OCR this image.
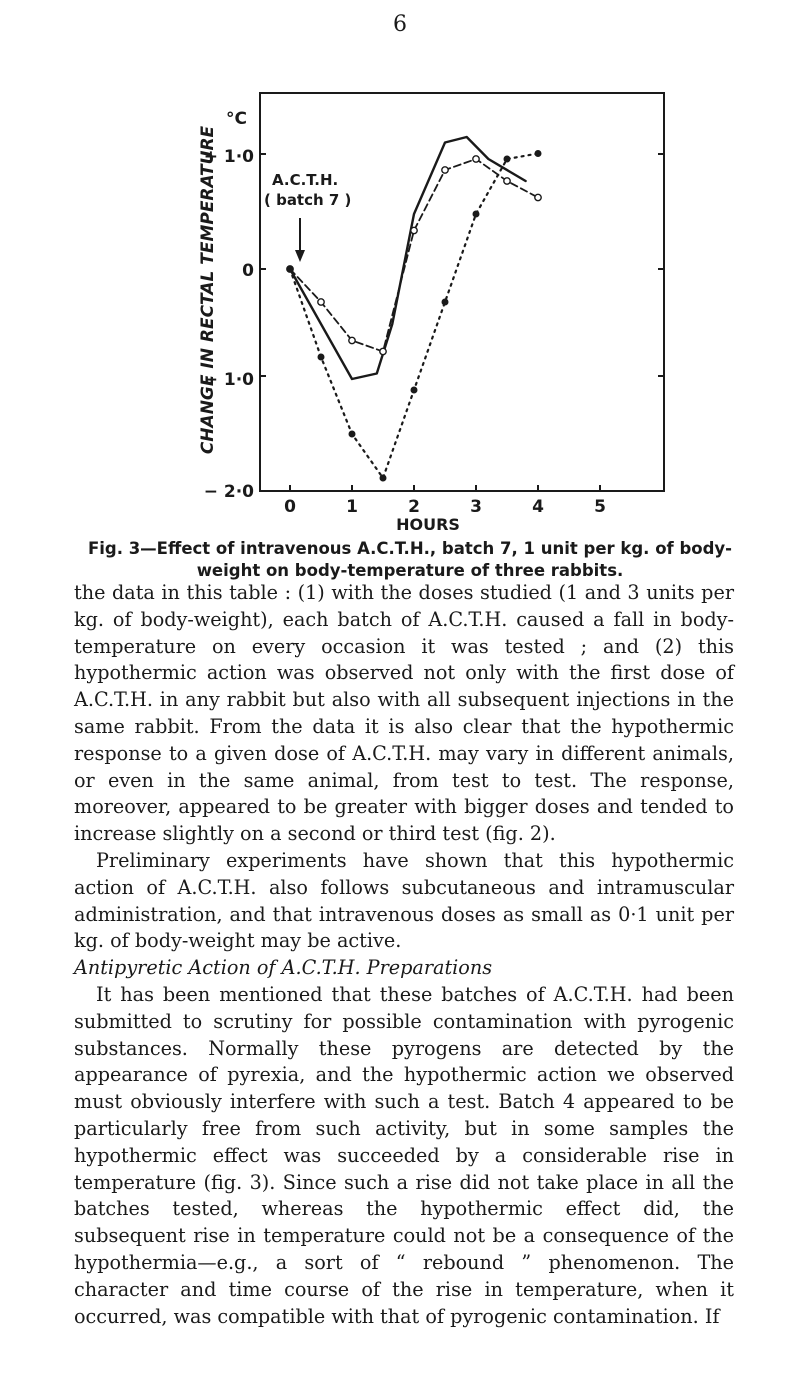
6
CHANGE IN RECTAL TEMPERATURE
°C
+ 1·0
0
− 1·0
− 2·0
0	1	2	3	4	5
HOURS
A.C.T.H.
( batch 7 )
Fig. 3—Effect of intravenous A.C.T.H., batch 7, 1 unit per kg. of body-weight on body-temperature of three rabbits.

the data in this table : (1) with the doses studied (1 and 3 units per kg. of body-weight), each batch of A.C.T.H. caused a fall in body-temperature on every occasion it was tested ; and (2) this hypothermic action was observed not only with the first dose of A.C.T.H. in any rabbit but also with all subsequent injections in the same rabbit. From the data it is also clear that the hypothermic response to a given dose of A.C.T.H. may vary in different animals, or even in the same animal, from test to test. The response, moreover, appeared to be greater with bigger doses and tended to increase slightly on a second or third test (fig. 2).

Preliminary experiments have shown that this hypothermic action of A.C.T.H. also follows subcutaneous and intramuscular administration, and that intravenous doses as small as 0·1 unit per kg. of body-weight may be active.

Antipyretic Action of A.C.T.H. Preparations

It has been mentioned that these batches of A.C.T.H. had been submitted to scrutiny for possible contamination with pyrogenic substances. Normally these pyrogens are detected by the appearance of pyrexia, and the hypothermic action we observed must obviously interfere with such a test. Batch 4 appeared to be particularly free from such activity, but in some samples the hypothermic effect was succeeded by a considerable rise in temperature (fig. 3). Since such a rise did not take place in all the batches tested, whereas the hypothermic effect did, the subsequent rise in temperature could not be a consequence of the hypothermia—e.g., a sort of “ rebound ” phenomenon. The character and time course of the rise in temperature, when it occurred, was compatible with that of pyrogenic contamination. If
